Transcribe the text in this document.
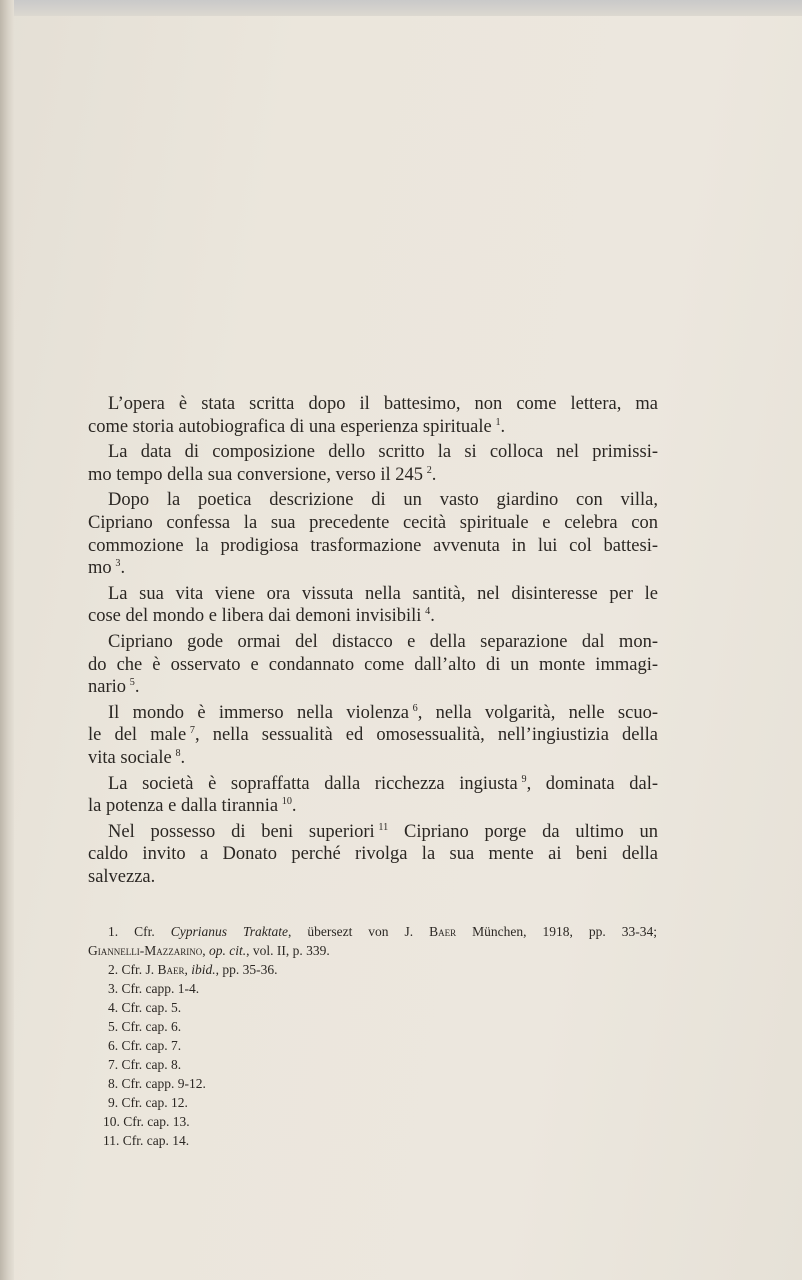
L’opera è stata scritta dopo il battesimo, non come lettera, ma
come storia autobiografica di una esperienza spirituale  $^1$.
La data di composizione dello scritto la si colloca nel primissi-
mo tempo della sua conversione, verso il 245  $^2$.
Dopo la poetica descrizione di un vasto giardino con villa,
Cipriano confessa la sua precedente cecità spirituale e celebra con
commozione la prodigiosa trasformazione avvenuta in lui col battesi-
mo  $^3$.
La sua vita viene ora vissuta nella santità, nel disinteresse per le
cose del mondo e libera dai demoni invisibili  $^4$.
Cipriano gode ormai del distacco e della separazione dal mon-
do che è osservato e condannato come dall’alto di un monte immagi-
nario  $^5$.
Il mondo è immerso nella violenza  $^6$, nella volgarità, nelle scuo-
le del male  $^7$, nella sessualità ed omosessualità, nell’ingiustizia della
vita sociale  $^8$.
La società è sopraffatta dalla ricchezza ingiusta  $^9$, dominata dal-
la potenza e dalla tirannia  $^{10}$.
Nel possesso di beni superiori  $^{11}$ Cipriano porge da ultimo un
caldo invito a Donato perché rivolga la sua mente ai beni della
salvezza.
1. Cfr. Cyprianus Traktate, übersezt von J. Baer München, 1918, pp. 33-34;
Giannelli-Mazzarino, op. cit., vol. II, p. 339.
2. Cfr. J. Baer, ibid., pp. 35-36.
3. Cfr. capp. 1-4.
4. Cfr. cap. 5.
5. Cfr. cap. 6.
6. Cfr. cap. 7.
7. Cfr. cap. 8.
8. Cfr. capp. 9-12.
9. Cfr. cap. 12.
10. Cfr. cap. 13.
11. Cfr. cap. 14.
